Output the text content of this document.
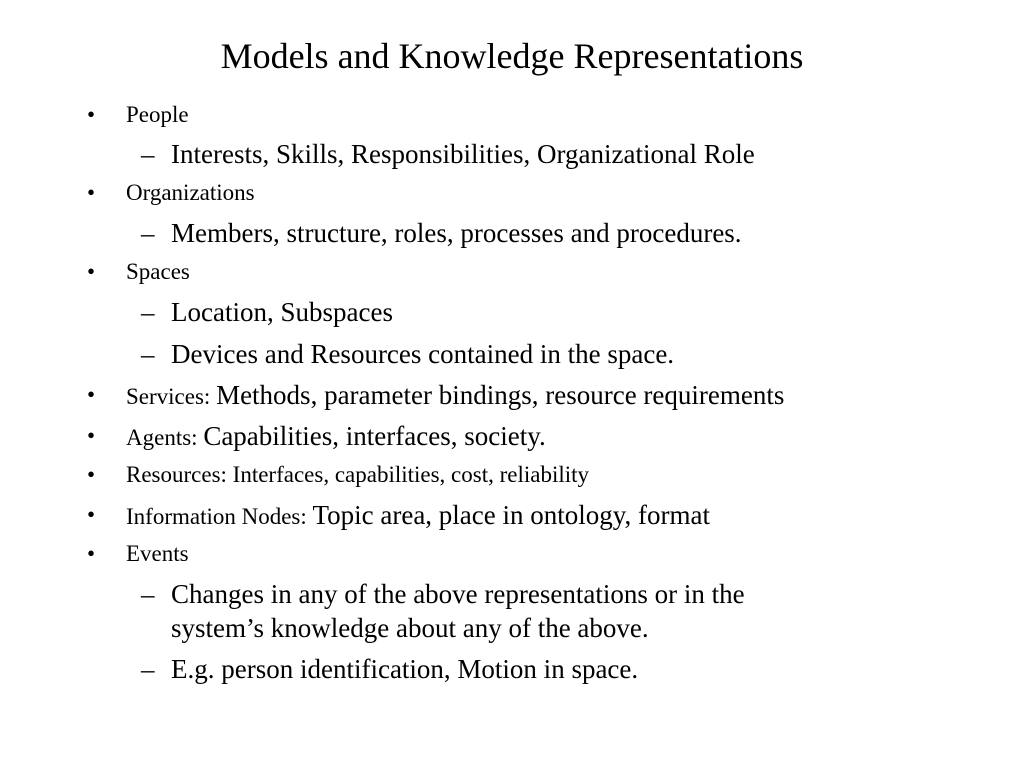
Models and Knowledge Representations
• People
– Interests, Skills, Responsibilities, Organizational Role
• Organizations
– Members, structure, roles, processes and procedures.
• Spaces
– Location, Subspaces
– Devices and Resources contained in the space.
• Services: Methods, parameter bindings, resource requirements
• Agents: Capabilities, interfaces, society.
• Resources: Interfaces, capabilities, cost, reliability
• Information Nodes: Topic area, place in ontology, format
• Events
– Changes in any of the above representations or in the
system’s knowledge about any of the above.
– E.g. person identification, Motion in space.
